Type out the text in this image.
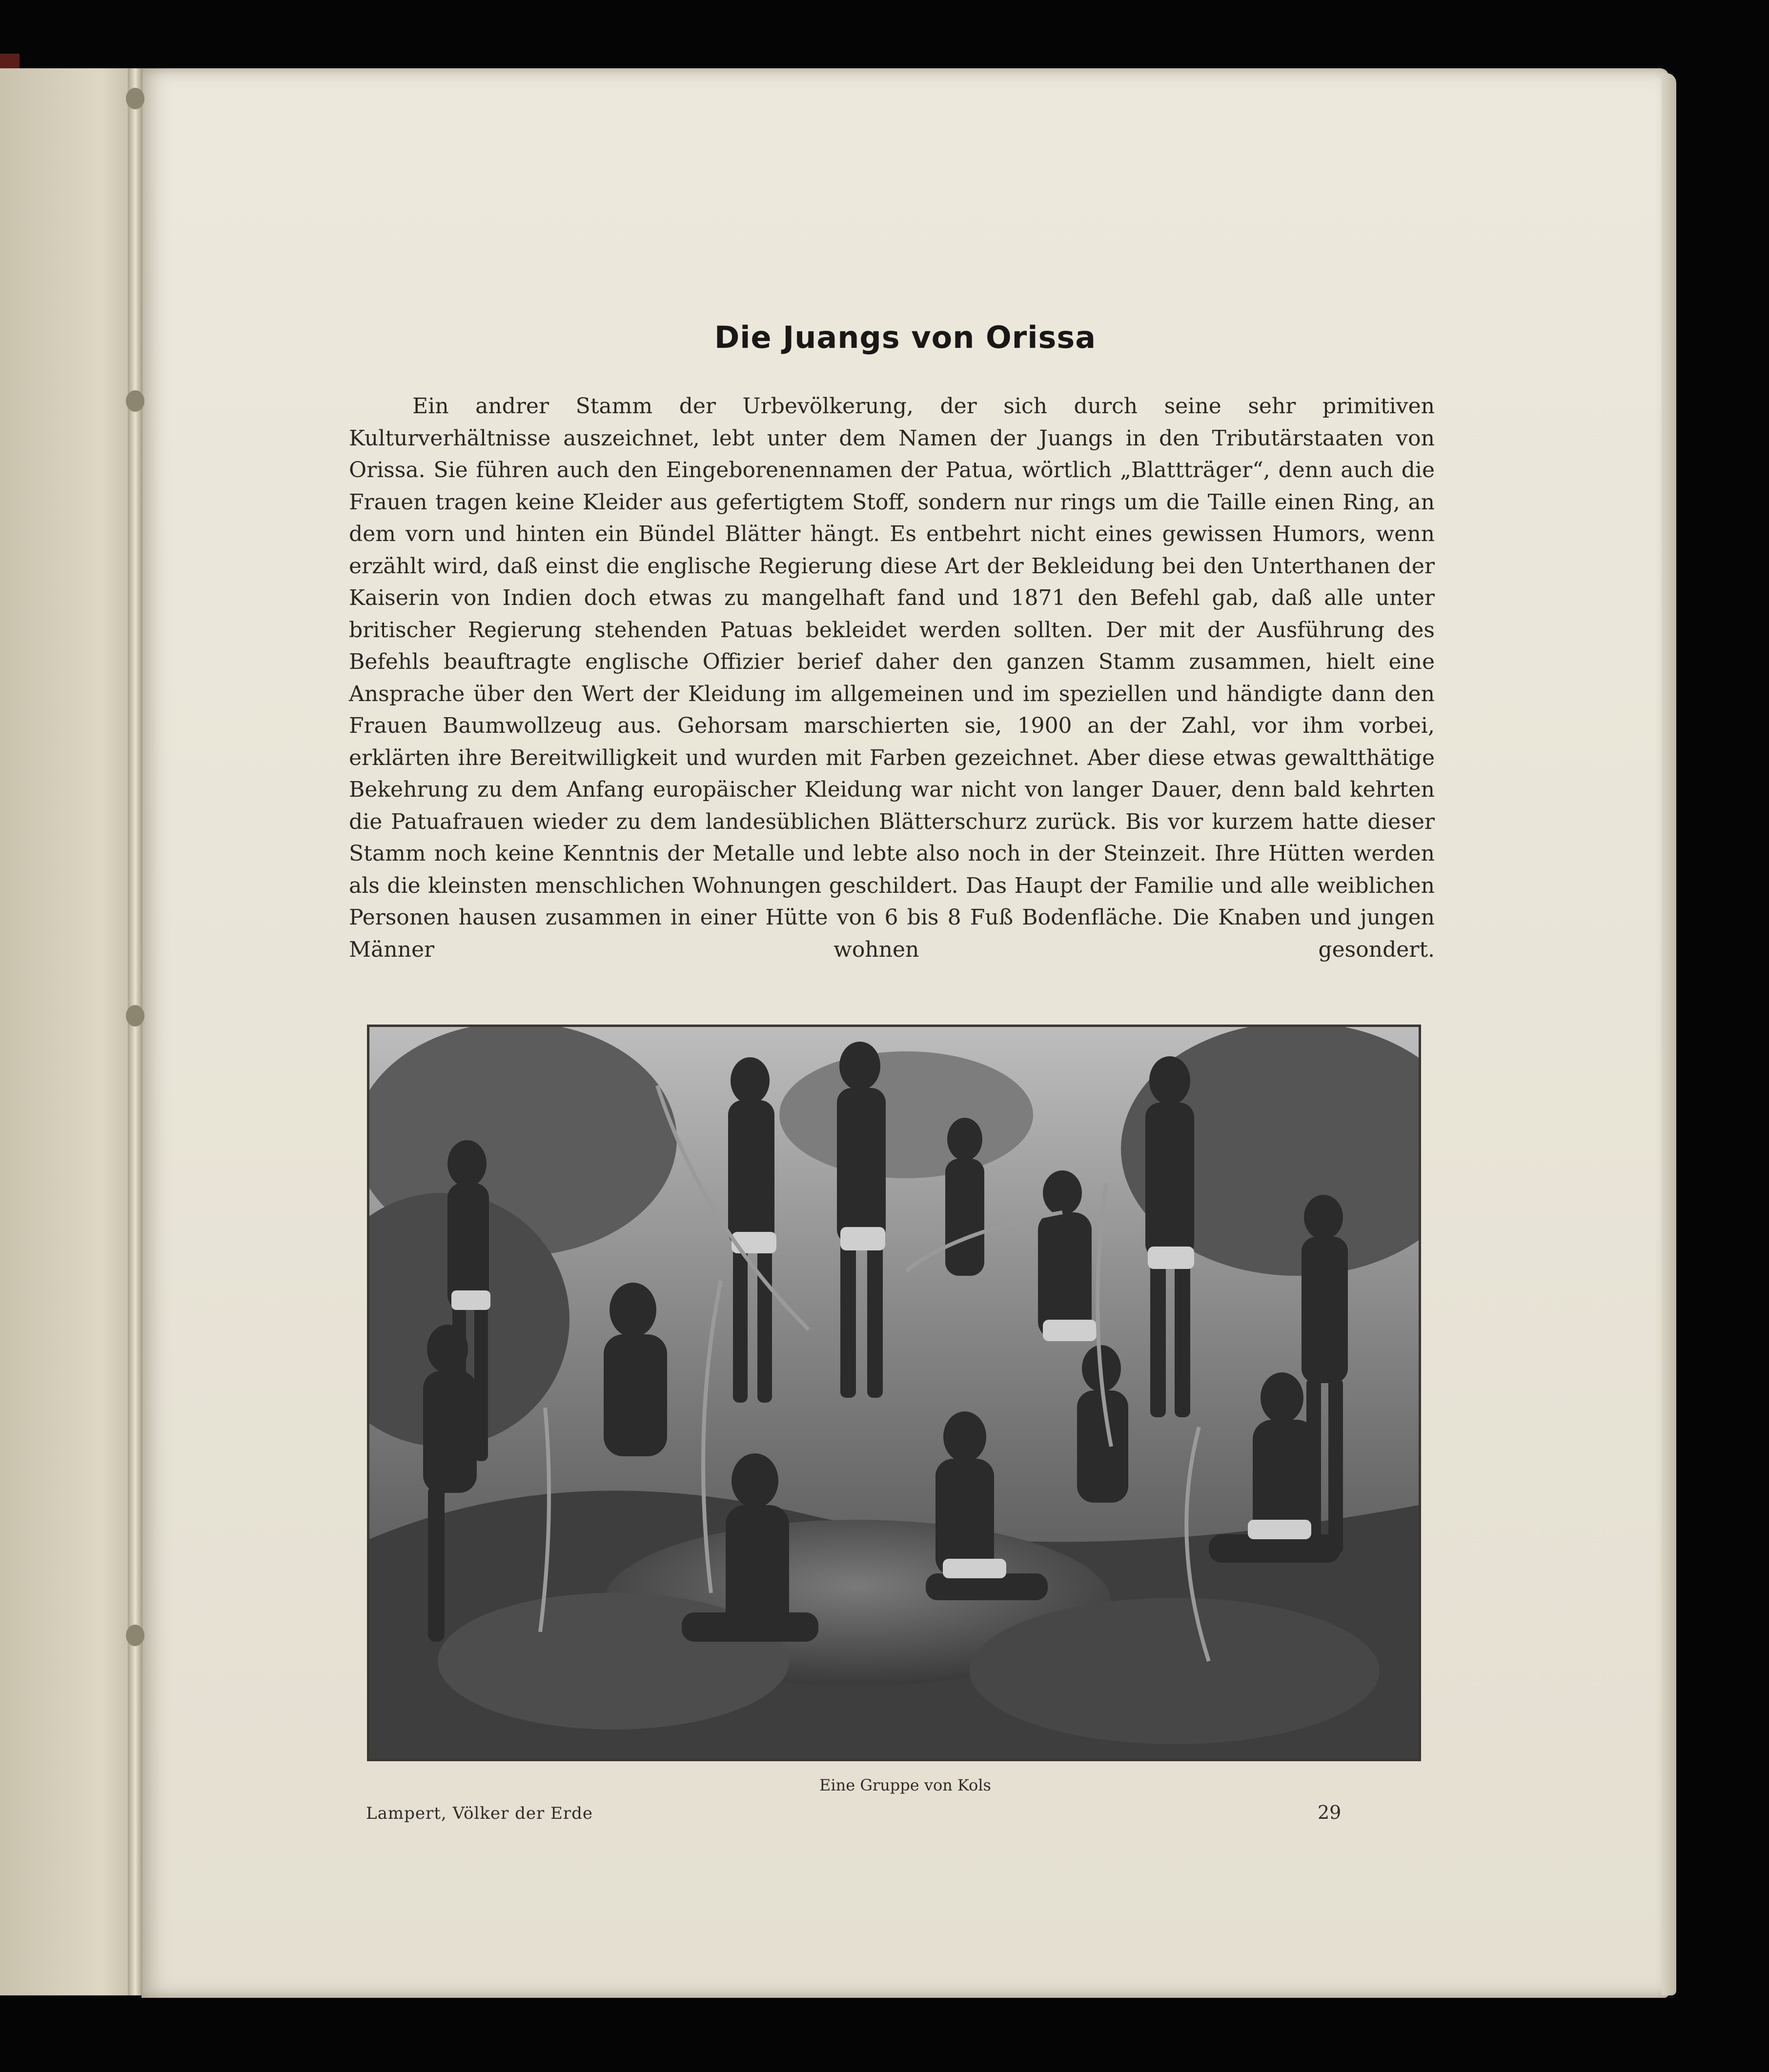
Die Juangs von Orissa

Ein andrer Stamm der Urbevölkerung, der sich durch seine sehr primitiven Kulturverhältnisse auszeichnet, lebt unter dem Namen der Juangs in den Tributärstaaten von Orissa. Sie führen auch den Eingeborenennamen der Patua, wörtlich „Blattträger“, denn auch die Frauen tragen keine Kleider aus gefertigtem Stoff, sondern nur rings um die Taille einen Ring, an dem vorn und hinten ein Bündel Blätter hängt. Es entbehrt nicht eines gewissen Humors, wenn erzählt wird, daß einst die englische Regierung diese Art der Bekleidung bei den Unterthanen der Kaiserin von Indien doch etwas zu mangelhaft fand und 1871 den Befehl gab, daß alle unter britischer Regierung stehenden Patuas bekleidet werden sollten. Der mit der Ausführung des Befehls beauftragte englische Offizier berief daher den ganzen Stamm zusammen, hielt eine Ansprache über den Wert der Kleidung im allgemeinen und im speziellen und händigte dann den Frauen Baumwollzeug aus. Gehorsam marschierten sie, 1900 an der Zahl, vor ihm vorbei, erklärten ihre Bereitwilligkeit und wurden mit Farben gezeichnet. Aber diese etwas gewaltthätige Bekehrung zu dem Anfang europäischer Kleidung war nicht von langer Dauer, denn bald kehrten die Patuafrauen wieder zu dem landesüblichen Blätterschurz zurück. Bis vor kurzem hatte dieser Stamm noch keine Kenntnis der Metalle und lebte also noch in der Steinzeit. Ihre Hütten werden als die kleinsten menschlichen Wohnungen geschildert. Das Haupt der Familie und alle weiblichen Personen hausen zusammen in einer Hütte von 6 bis 8 Fuß Bodenfläche. Die Knaben und jungen Männer wohnen gesondert.

Eine Gruppe von Kols
Lampert, Völker der Erde	29
